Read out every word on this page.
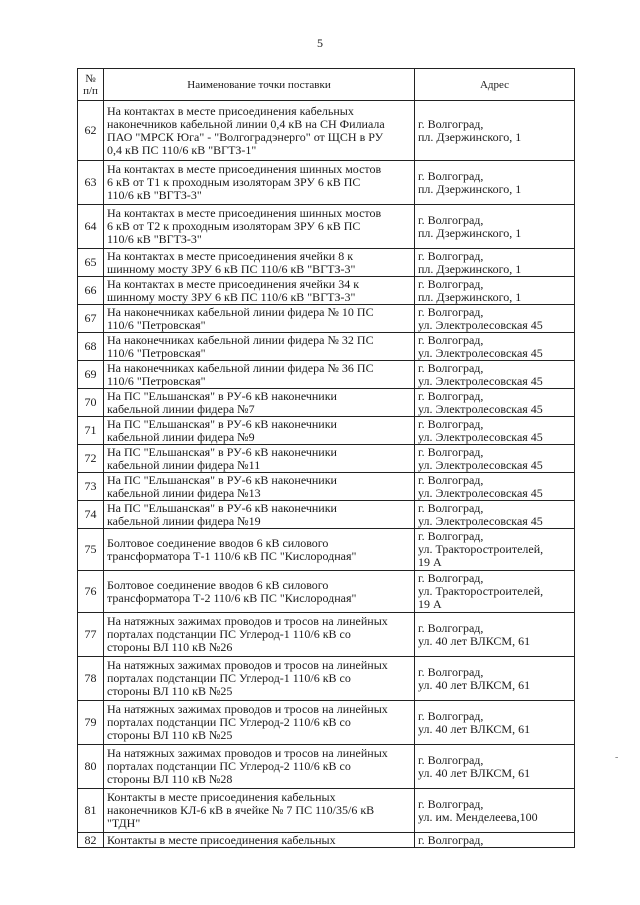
5
№
п/п	Наименование точки поставки	Адрес
62	На контактах в месте присоединения кабельных
наконечников кабельной линии 0,4 кВ на СН Филиала
ПАО "МРСК Юга" - "Волгоградэнерго" от ЩСН в РУ
0,4 кВ ПС 110/6 кВ "ВГТЗ-1"	г. Волгоград,
пл. Дзержинского, 1
63	На контактах в месте присоединения шинных мостов
6 кВ от Т1 к проходным изоляторам ЗРУ 6 кВ ПС
110/6 кВ "ВГТЗ-3"	г. Волгоград,
пл. Дзержинского, 1
64	На контактах в месте присоединения шинных мостов
6 кВ от Т2 к проходным изоляторам ЗРУ 6 кВ ПС
110/6 кВ "ВГТЗ-3"	г. Волгоград,
пл. Дзержинского, 1
65	На контактах в месте присоединения ячейки 8 к
шинному мосту ЗРУ 6 кВ ПС 110/6 кВ "ВГТЗ-3"	г. Волгоград,
пл. Дзержинского, 1
66	На контактах в месте присоединения ячейки 34 к
шинному мосту ЗРУ 6 кВ ПС 110/6 кВ "ВГТЗ-3"	г. Волгоград,
пл. Дзержинского, 1
67	На наконечниках кабельной линии фидера № 10 ПС
110/6 "Петровская"	г. Волгоград,
ул. Электролесовская 45
68	На наконечниках кабельной линии фидера № 32 ПС
110/6 "Петровская"	г. Волгоград,
ул. Электролесовская 45
69	На наконечниках кабельной линии фидера № 36 ПС
110/6 "Петровская"	г. Волгоград,
ул. Электролесовская 45
70	На ПС "Ельшанская" в РУ-6 кВ наконечники
кабельной линии фидера №7	г. Волгоград,
ул. Электролесовская 45
71	На ПС "Ельшанская" в РУ-6 кВ наконечники
кабельной линии фидера №9	г. Волгоград,
ул. Электролесовская 45
72	На ПС "Ельшанская" в РУ-6 кВ наконечники
кабельной линии фидера №11	г. Волгоград,
ул. Электролесовская 45
73	На ПС "Ельшанская" в РУ-6 кВ наконечники
кабельной линии фидера №13	г. Волгоград,
ул. Электролесовская 45
74	На ПС "Ельшанская" в РУ-6 кВ наконечники
кабельной линии фидера №19	г. Волгоград,
ул. Электролесовская 45
75	Болтовое соединение вводов 6 кВ силового
трансформатора Т-1 110/6 кВ ПС "Кислородная"	г. Волгоград,
ул. Тракторостроителей,
19 А
76	Болтовое соединение вводов 6 кВ силового
трансформатора Т-2 110/6 кВ ПС "Кислородная"	г. Волгоград,
ул. Тракторостроителей,
19 А
77	На натяжных зажимах проводов и тросов на линейных
порталах подстанции ПС Углерод-1 110/6 кВ со
стороны ВЛ 110 кВ №26	г. Волгоград,
ул. 40 лет ВЛКСМ, 61
78	На натяжных зажимах проводов и тросов на линейных
порталах подстанции ПС Углерод-1 110/6 кВ со
стороны ВЛ 110 кВ №25	г. Волгоград,
ул. 40 лет ВЛКСМ, 61
79	На натяжных зажимах проводов и тросов на линейных
порталах подстанции ПС Углерод-2 110/6 кВ со
стороны ВЛ 110 кВ №25	г. Волгоград,
ул. 40 лет ВЛКСМ, 61
80	На натяжных зажимах проводов и тросов на линейных
порталах подстанции ПС Углерод-2 110/6 кВ со
стороны ВЛ 110 кВ №28	г. Волгоград,
ул. 40 лет ВЛКСМ, 61
81	Контакты в месте присоединения кабельных
наконечников КЛ-6 кВ в ячейке № 7 ПС 110/35/6 кВ
"ТДН"	г. Волгоград,
ул. им. Менделеева,100
82	Контакты в месте присоединения кабельных	г. Волгоград,
-
